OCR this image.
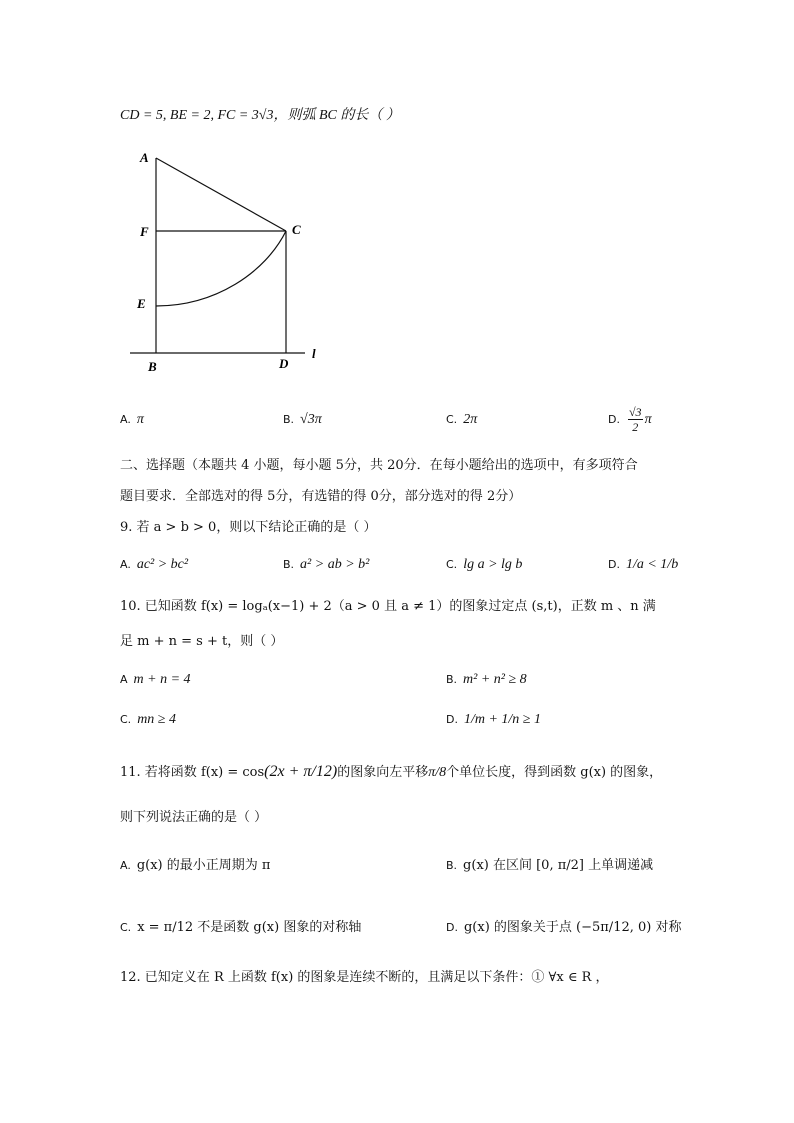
CD = 5, BE = 2, FC = 3√3，则弧 BC 的长（ ）
A
F	C
E
B	D
l
A. π	B. √3π	C. 2π	D. $\frac{√3}{2}$ π
二、选择题（本题共 4 小题，每小题 5分，共 20分．在每小题给出的选项中，有多项符合
题目要求．全部选对的得 5分，有选错的得 0分，部分选对的得 2分）
9. 若 a > b > 0，则以下结论正确的是（ ）
A. ac² > bc²	B. a² > ab > b²	C. lg a > lg b	D. 1/a < 1/b
10. 已知函数 f(x) = logₐ(x−1) + 2（a > 0 且 a ≠ 1）的图象过定点 (s,t)，正数 m 、n 满
足 m + n = s + t，则（ ）
A m + n = 4	B. m² + n² ≥ 8
C. mn ≥ 4	D. 1/m + 1/n ≥ 1
11. 若将函数 f(x) = cos(2x + π/12)的图象向左平移π/8个单位长度，得到函数 g(x) 的图象，
则下列说法正确的是（ ）
A. g(x) 的最小正周期为 π	B. g(x) 在区间 [0, π/2] 上单调递减
C. x = π/12 不是函数 g(x) 图象的对称轴	D. g(x) 的图象关于点 (−5π/12, 0) 对称
12. 已知定义在 R 上函数 f(x) 的图象是连续不断的，且满足以下条件：① ∀x ∈ R ，
